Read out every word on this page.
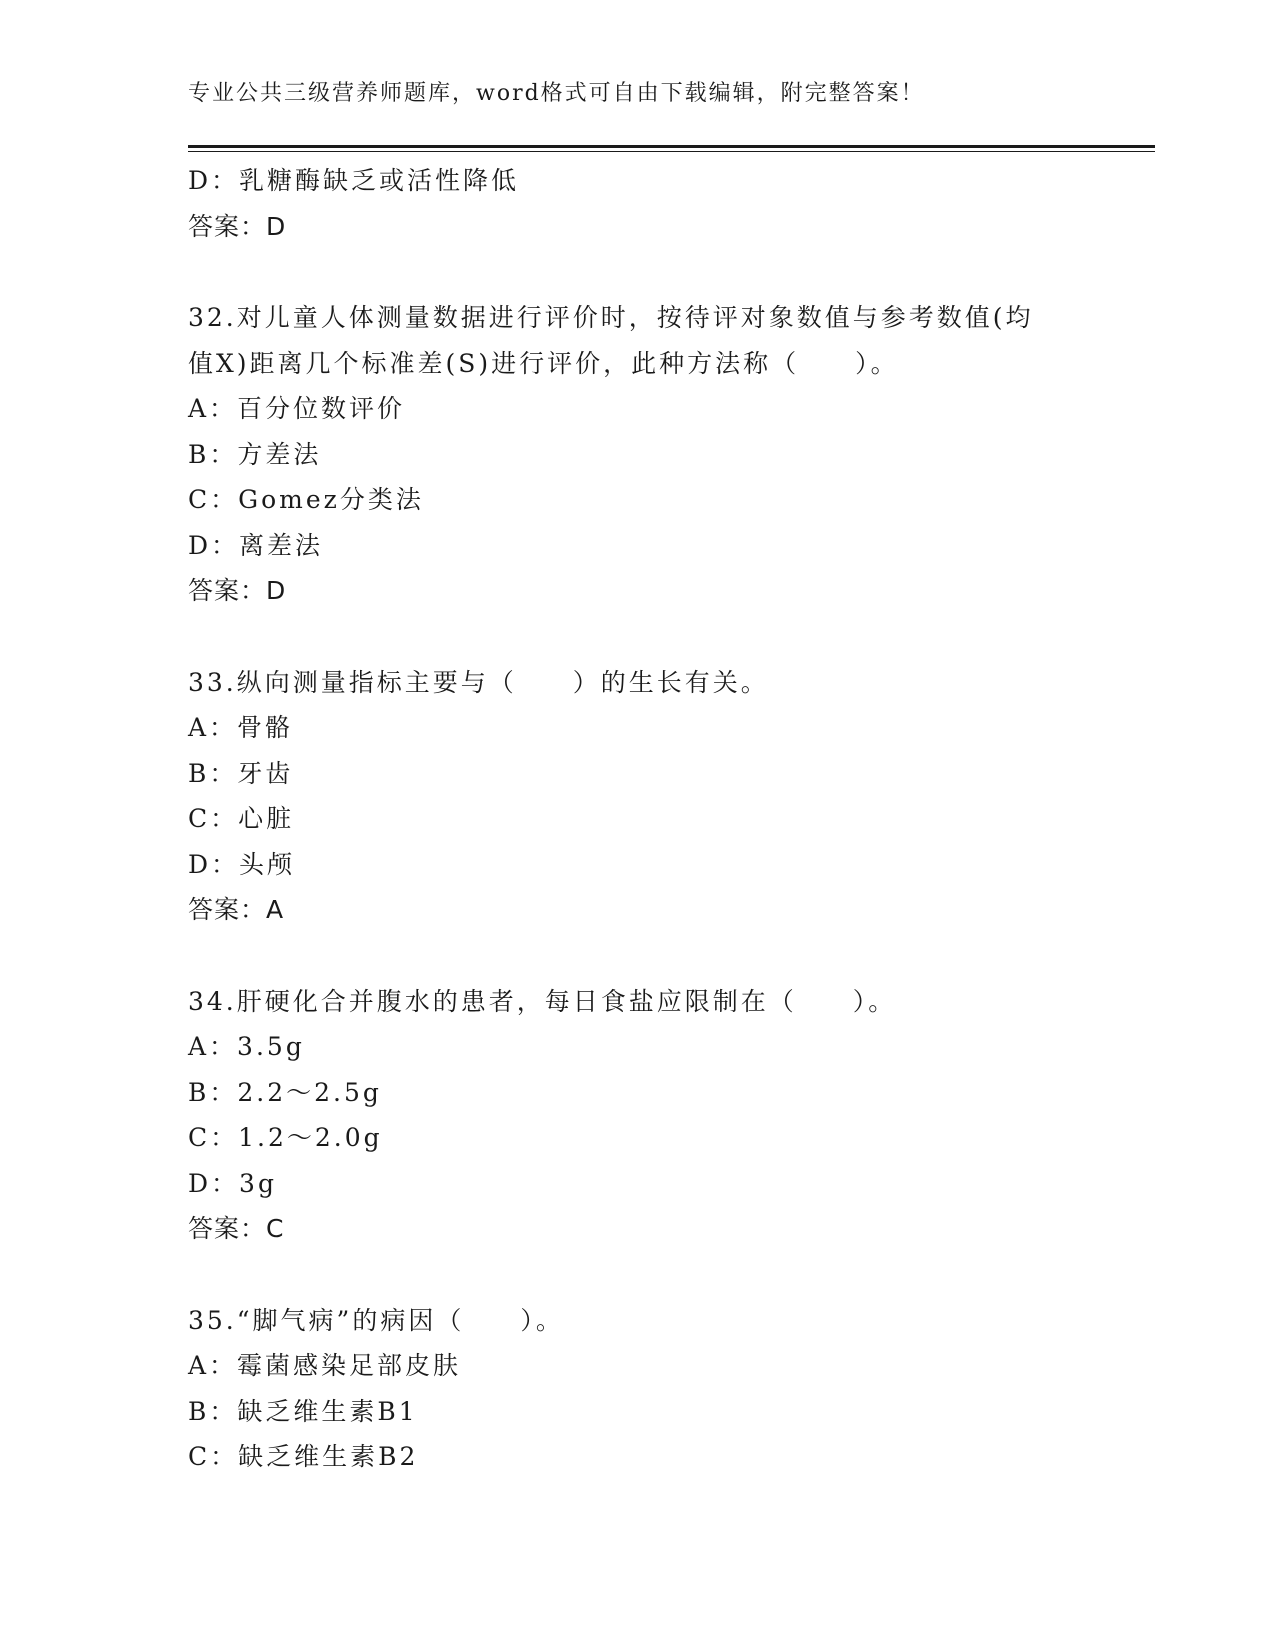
专业公共三级营养师题库，word格式可自由下载编辑，附完整答案！
D：乳糖酶缺乏或活性降低
答案：D
32.对儿童人体测量数据进行评价时，按待评对象数值与参考数值(均
值X)距离几个标准差(S)进行评价，此种方法称（　　）。
A：百分位数评价
B：方差法
C：Gomez分类法
D：离差法
答案：D
33.纵向测量指标主要与（　　）的生长有关。
A：骨骼
B：牙齿
C：心脏
D：头颅
答案：A
34.肝硬化合并腹水的患者，每日食盐应限制在（　　）。
A：3.5g
B：2.2～2.5g
C：1.2～2.0g
D：3g
答案：C
35.“脚气病”的病因（　　）。
A：霉菌感染足部皮肤
B：缺乏维生素B1
C：缺乏维生素B2
